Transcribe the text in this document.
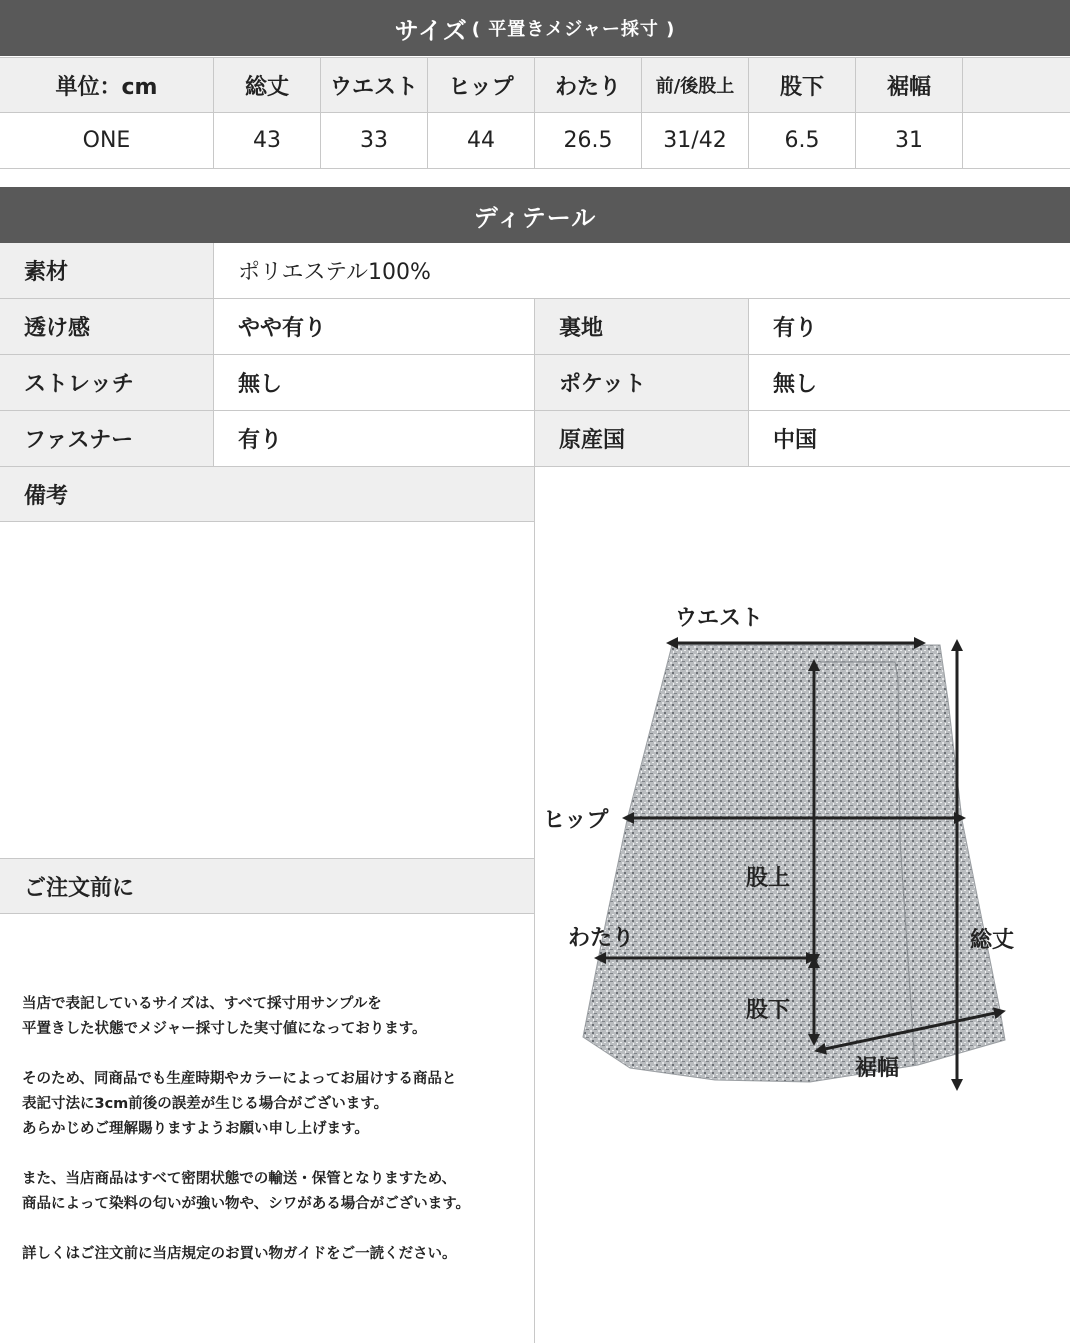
サイズ ( 平置きメジャー採寸 )
単位：cm	総丈	ウエスト	ヒップ	わたり	前/後股上	股下	裾幅
ONE	43	33	44	26.5	31/42	6.5	31
ディテール
素材	ポリエステル100%
透け感	やや有り	裏地	有り
ストレッチ	無し	ポケット	無し
ファスナー	有り	原産国	中国
備考
ご注文前に

当店で表記しているサイズは、すべて採寸用サンプルを
平置きした状態でメジャー採寸した実寸値になっております。

そのため、同商品でも生産時期やカラーによってお届けする商品と
表記寸法に3cm前後の誤差が生じる場合がございます。
あらかじめご理解賜りますようお願い申し上げます。

また、当店商品はすべて密閉状態での輸送・保管となりますため、
商品によって染料の匂いが強い物や、シワがある場合がございます。

詳しくはご注文前に当店規定のお買い物ガイドをご一読ください。

ウエスト
ヒップ
股上
わたり
股下
裾幅
総丈
